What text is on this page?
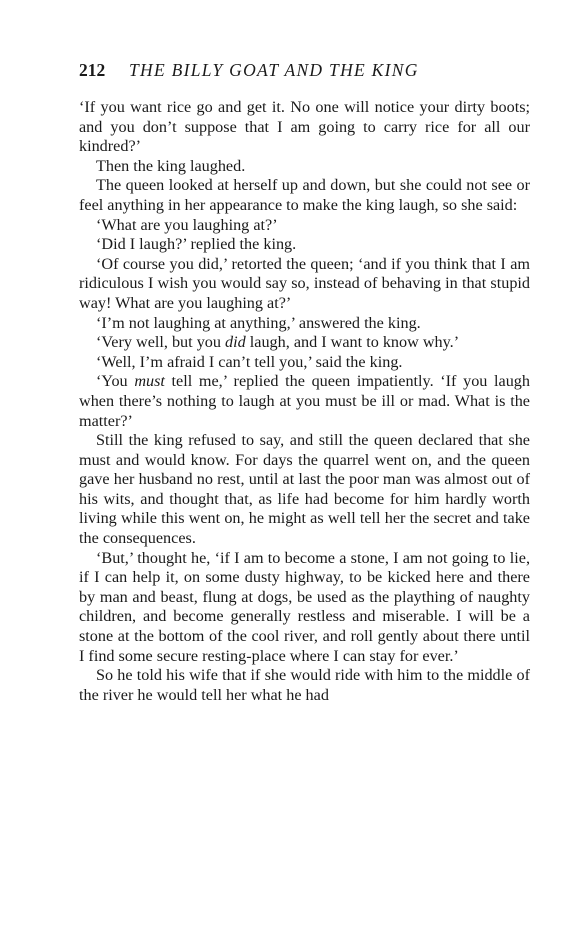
212 THE BILLY GOAT AND THE KING

‘If you want rice go and get it. No one will notice your dirty boots; and you don’t suppose that I am going to carry rice for all our kindred?’

Then the king laughed.

The queen looked at herself up and down, but she could not see or feel anything in her appearance to make the king laugh, so she said:

‘What are you laughing at?’

‘Did I laugh?’ replied the king.

‘Of course you did,’ retorted the queen; ‘and if you think that I am ridiculous I wish you would say so, instead of behaving in that stupid way! What are you laughing at?’

‘I’m not laughing at anything,’ answered the king.

‘Very well, but you did laugh, and I want to know why.’

‘Well, I’m afraid I can’t tell you,’ said the king.

‘You must tell me,’ replied the queen impatiently. ‘If you laugh when there’s nothing to laugh at you must be ill or mad. What is the matter?’

Still the king refused to say, and still the queen declared that she must and would know. For days the quarrel went on, and the queen gave her husband no rest, until at last the poor man was almost out of his wits, and thought that, as life had become for him hardly worth living while this went on, he might as well tell her the secret and take the consequences.

‘But,’ thought he, ‘if I am to become a stone, I am not going to lie, if I can help it, on some dusty highway, to be kicked here and there by man and beast, flung at dogs, be used as the plaything of naughty children, and become generally restless and miserable. I will be a stone at the bottom of the cool river, and roll gently about there until I find some secure resting-place where I can stay for ever.’

So he told his wife that if she would ride with him to the middle of the river he would tell her what he had
